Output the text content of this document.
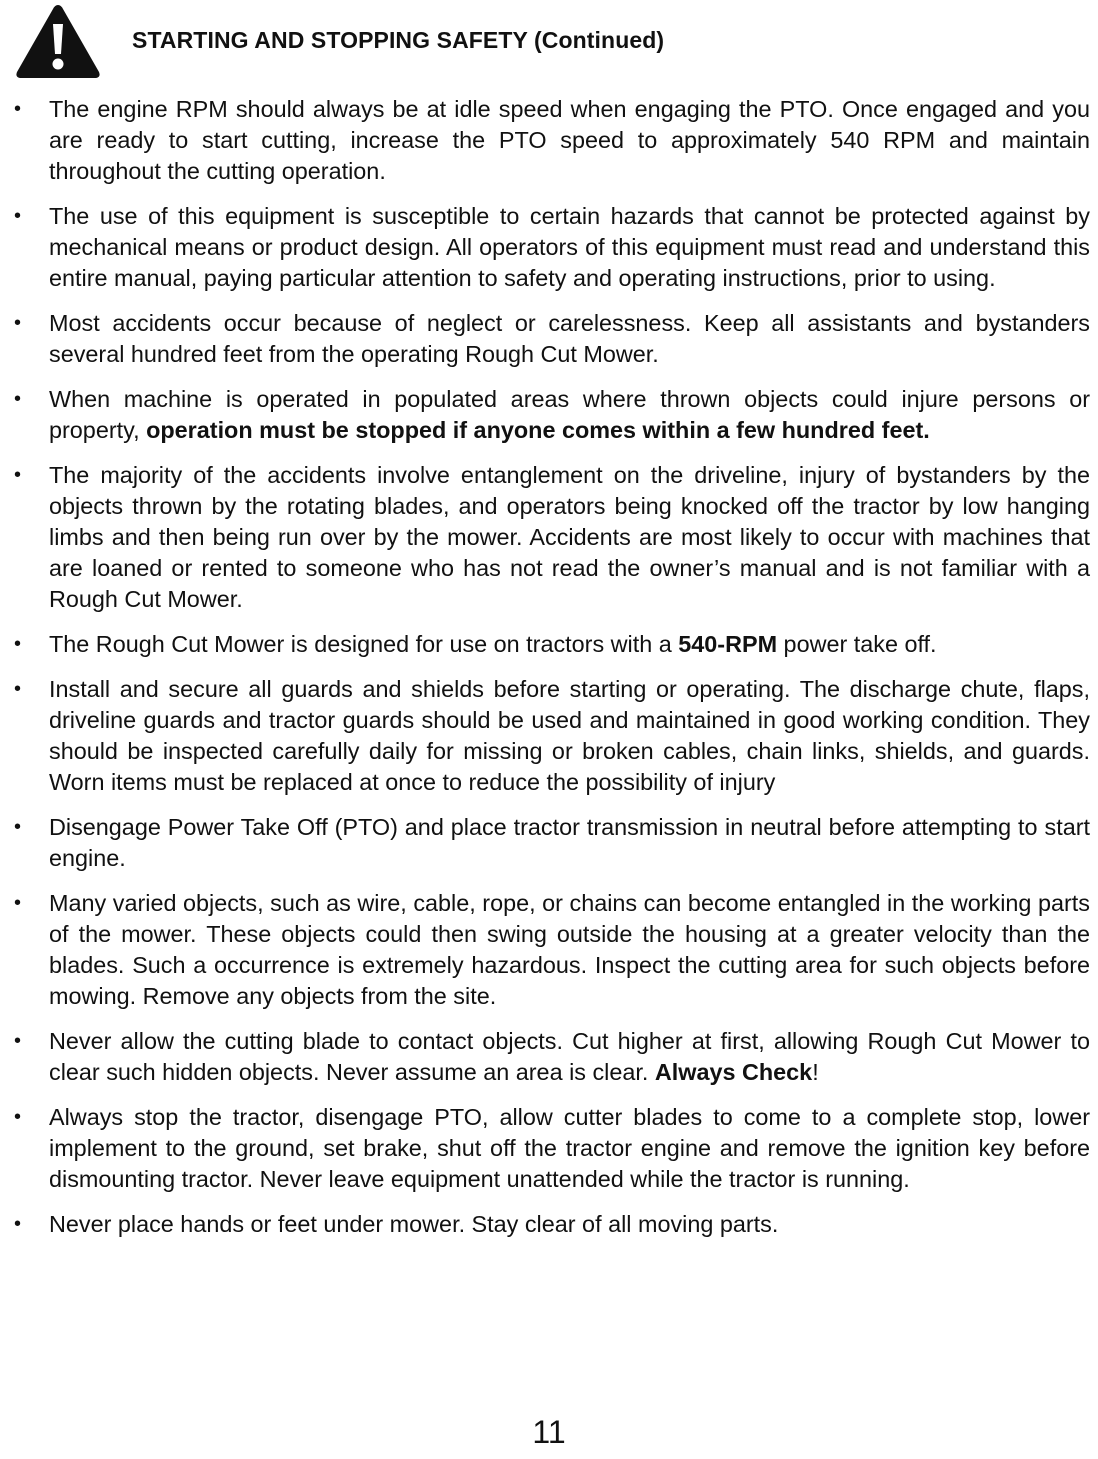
STARTING AND STOPPING SAFETY (Continued)
• The engine RPM should always be at idle speed when engaging the PTO. Once engaged and you are ready to start cutting, increase the PTO speed to approximately 540 RPM and maintain throughout the cutting operation.
• The use of this equipment is susceptible to certain hazards that cannot be protected against by mechanical means or product design. All operators of this equipment must read and understand this entire manual, paying particular attention to safety and operating instructions, prior to using.
• Most accidents occur because of neglect or carelessness. Keep all assistants and bystanders several hundred feet from the operating Rough Cut Mower.
• When machine is operated in populated areas where thrown objects could injure persons or property, operation must be stopped if anyone comes within a few hundred feet.
• The majority of the accidents involve entanglement on the driveline, injury of bystanders by the objects thrown by the rotating blades, and operators being knocked off the tractor by low hanging limbs and then being run over by the mower. Accidents are most likely to occur with machines that are loaned or rented to someone who has not read the owner’s manual and is not familiar with a Rough Cut Mower.
• The Rough Cut Mower is designed for use on tractors with a 540-RPM power take off.
• Install and secure all guards and shields before starting or operating. The discharge chute, flaps, driveline guards and tractor guards should be used and maintained in good working condition. They should be inspected carefully daily for missing or broken cables, chain links, shields, and guards. Worn items must be replaced at once to reduce the possibility of injury
• Disengage Power Take Off (PTO) and place tractor transmission in neutral before attempting to start engine.
• Many varied objects, such as wire, cable, rope, or chains can become entangled in the working parts of the mower. These objects could then swing outside the housing at a greater velocity than the blades. Such a occurrence is extremely hazardous. Inspect the cutting area for such objects before mowing. Remove any objects from the site.
• Never allow the cutting blade to contact objects. Cut higher at first, allowing Rough Cut Mower to clear such hidden objects. Never assume an area is clear. Always Check!
• Always stop the tractor, disengage PTO, allow cutter blades to come to a complete stop, lower implement to the ground, set brake, shut off the tractor engine and remove the ignition key before dismounting tractor. Never leave equipment unattended while the tractor is running.
• Never place hands or feet under mower. Stay clear of all moving parts.
11
